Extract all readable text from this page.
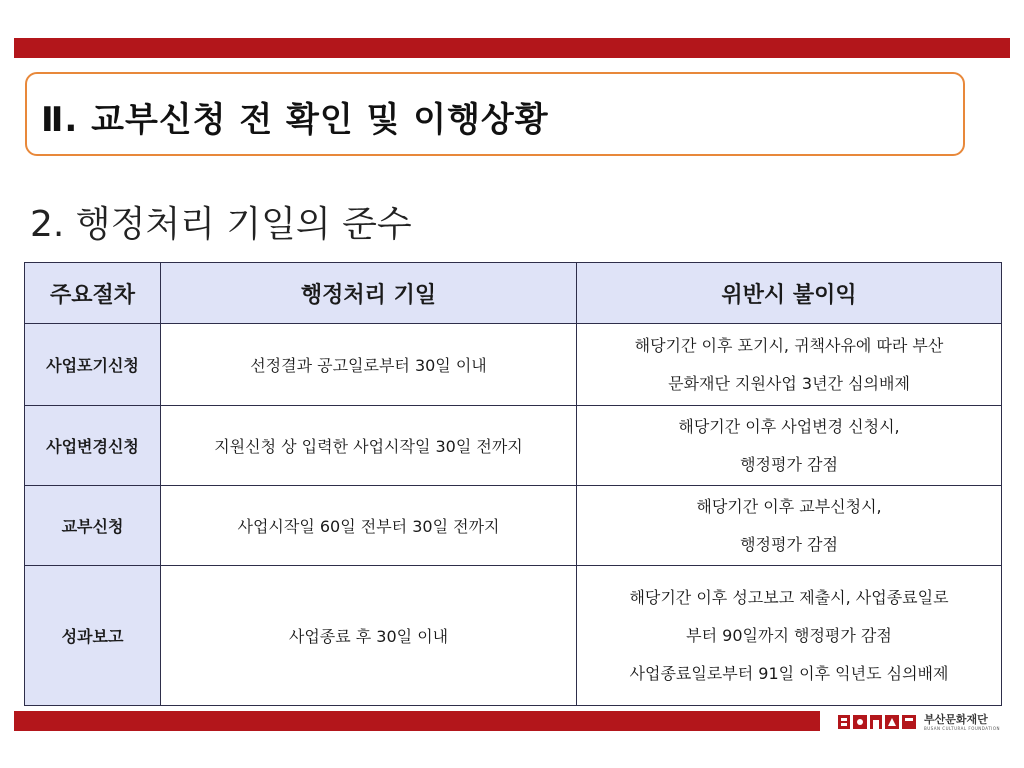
Ⅱ. 교부신청 전 확인 및 이행상황
2. 행정처리 기일의 준수
주요절차	행정처리 기일	위반시 불이익
사업포기신청	선정결과 공고일로부터 30일 이내	해당기간 이후 포기시, 귀책사유에 따라 부산
문화재단 지원사업 3년간 심의배제

사업변경신청	지원신청 상 입력한 사업시작일 30일 전까지	해당기간 이후 사업변경 신청시,
행정평가 감점

교부신청	사업시작일 60일 전부터 30일 전까지	해당기간 이후 교부신청시,
행정평가 감점

성과보고	사업종료 후 30일 이내	해당기간 이후 성고보고 제출시, 사업종료일로
부터 90일까지 행정평가 감점
사업종료일로부터 91일 이후 익년도 심의배제
부산문화재단
BUSAN CULTURAL FOUNDATION
